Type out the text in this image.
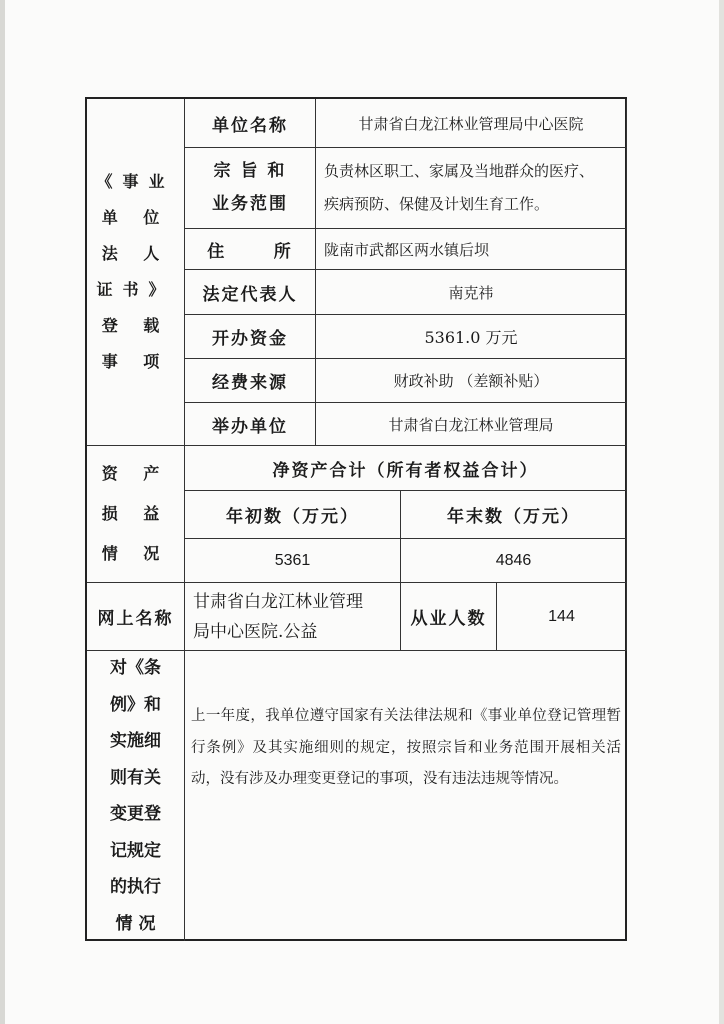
《事业
单 位
法 人
证书》
登 载
事 项
单位名称	甘肃省白龙江林业管理局中心医院
宗 旨 和
业务范围
负责林区职工、家属及当地群众的医疗、
疾病预防、保健及计划生育工作。
住      所	陇南市武都区两水镇后坝
法定代表人	南克祎
开办资金	5361.0 万元
经费来源	财政补助 （差额补贴）
举办单位	甘肃省白龙江林业管理局
资 产
损 益
情 况
净资产合计（所有者权益合计）
年初数（万元）	年末数（万元）
5361	4846
网上名称
甘肃省白龙江林业管理
局中心医院.公益
从业人数	144
对《条
例》和
实施细
则有关
变更登
记规定
的执行
情 况
上一年度，我单位遵守国家有关法律法规和《事业单位登记管理暂行条例》及其实施细则的规定，按照宗旨和业务范围开展相关活动，没有涉及办理变更登记的事项，没有违法违规等情况。
